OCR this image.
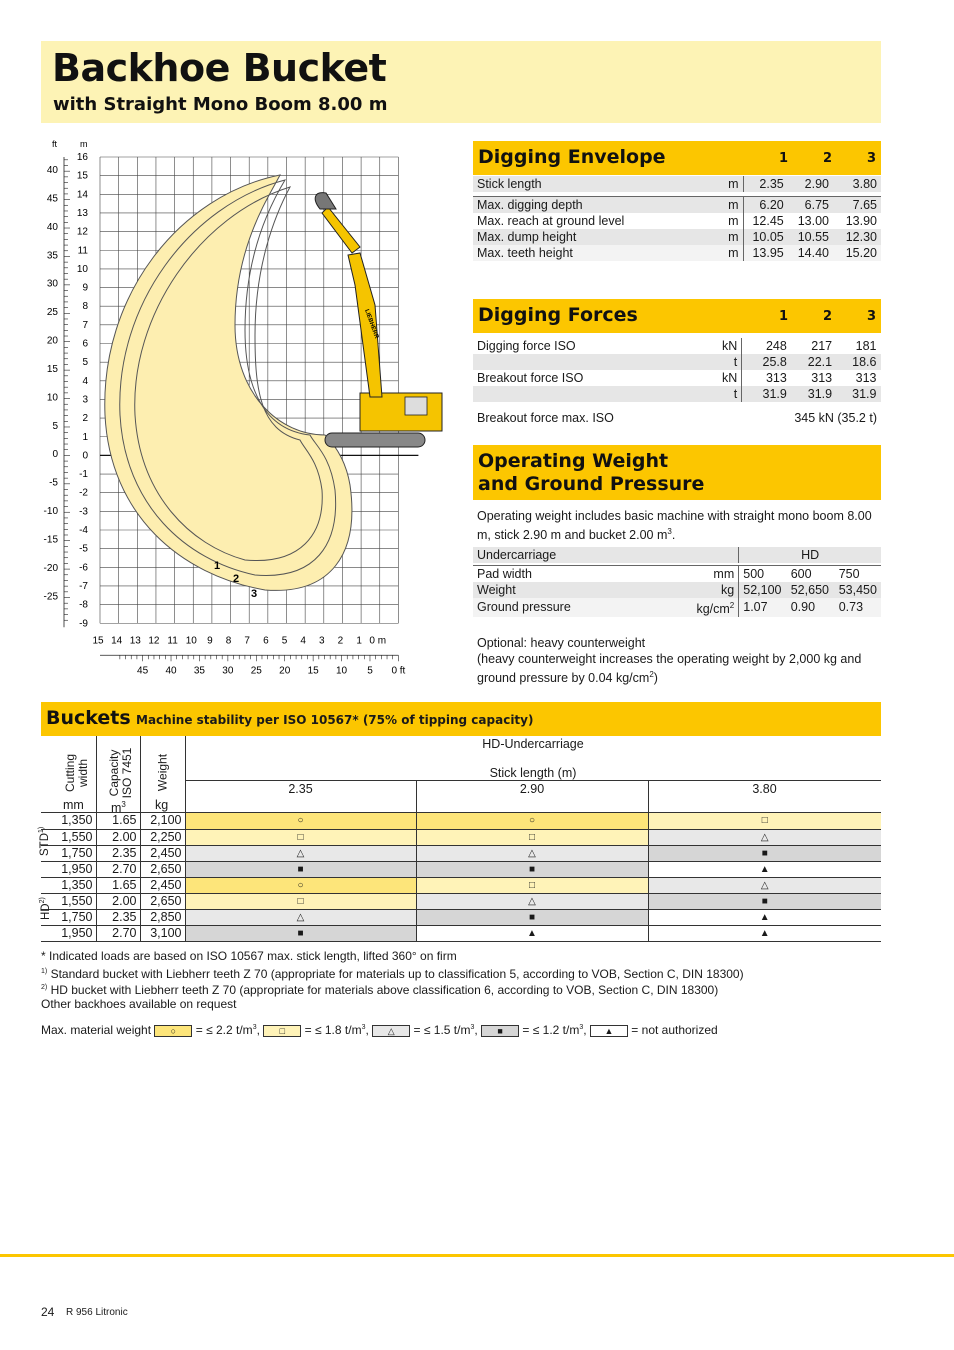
Backhoe Bucket
with Straight Mono Boom 8.00 m
1
2
3
LIEBHERR
ft	m
16
15
14
13
12
11
10
9
8
7
6
5
4
3
2
1
0
-1
-2
-3
-4
-5
-6
-7
-8
-9
40
45
40
35
30
25
20
15
10
5
0
-5
-10
-15
-20
-25
15 14 13 12 11 10 9 8 7 6 5 4 3 2 1 0 m
45 40 35 30 25 20 15 10 5 0 ft
Digging Envelope	1	2	3
Stick length	m	2.35	2.90	3.80

Max. digging depth	m	6.20	6.75	7.65
Max. reach at ground level	m	12.45	13.00	13.90
Max. dump height	m	10.05	10.55	12.30
Max. teeth height	m	13.95	14.40	15.20
Digging Forces	1	2	3
Digging force ISO	kN	248	217	181
	t	25.8	22.1	18.6
Breakout force ISO	kN	313	313	313
	t	31.9	31.9	31.9
Breakout force max. ISO	345 kN (35.2 t)
Operating Weight
and Ground Pressure
Operating weight includes basic machine with straight mono boom 8.00 m, stick 2.90 m and bucket 2.00 $m^3$.
Undercarriage		HD		

Pad width	mm	500	600	750
Weight	kg	52,100	52,650	53,450
Ground pressure	$kg/cm^2$	1.07	0.90	0.73
Optional: heavy counterweight
(heavy counterweight increases the operating weight by 2,000 kg and
ground pressure by 0.04 $kg/cm^2$)
Buckets Machine stability per ISO 10567* (75% of tipping capacity)
Cutting width Capacity ISO 7451 Weight
mm $m^3$ kg
HD-Undercarriage
Stick length (m)
2.35	2.90	3.80
1,350	1.65	2,100	○	○	□
1,550	2.00	2,250	□	□	△
1,750	2.35	2,450	△	△	■
1,950	2.70	2,650	■	■	▲
1,350	1.65	2,450	○	□	△
1,550	2.00	2,650	□	△	■
1,750	2.35	2,850	△	■	▲
1,950	2.70	3,100	■	▲	▲
STD$^{1)}$
HD$^{2)}$
* Indicated loads are based on ISO 10567 max. stick length, lifted 360° on firm
$^{1)}$ Standard bucket with Liebherr teeth Z 70 (appropriate for materials up to classification 5, according to VOB, Section C, DIN 18300)
$^{2)}$ HD bucket with Liebherr teeth Z 70 (appropriate for materials above classification 6, according to VOB, Section C, DIN 18300)
Other backhoes available on request
Max. material weight ○ = ≤ 2.2 $t/m^3$, □ = ≤ 1.8 $t/m^3$, △ = ≤ 1.5 $t/m^3$, ■ = ≤ 1.2 $t/m^3$, ▲ = not authorized
24 R 956 Litronic
